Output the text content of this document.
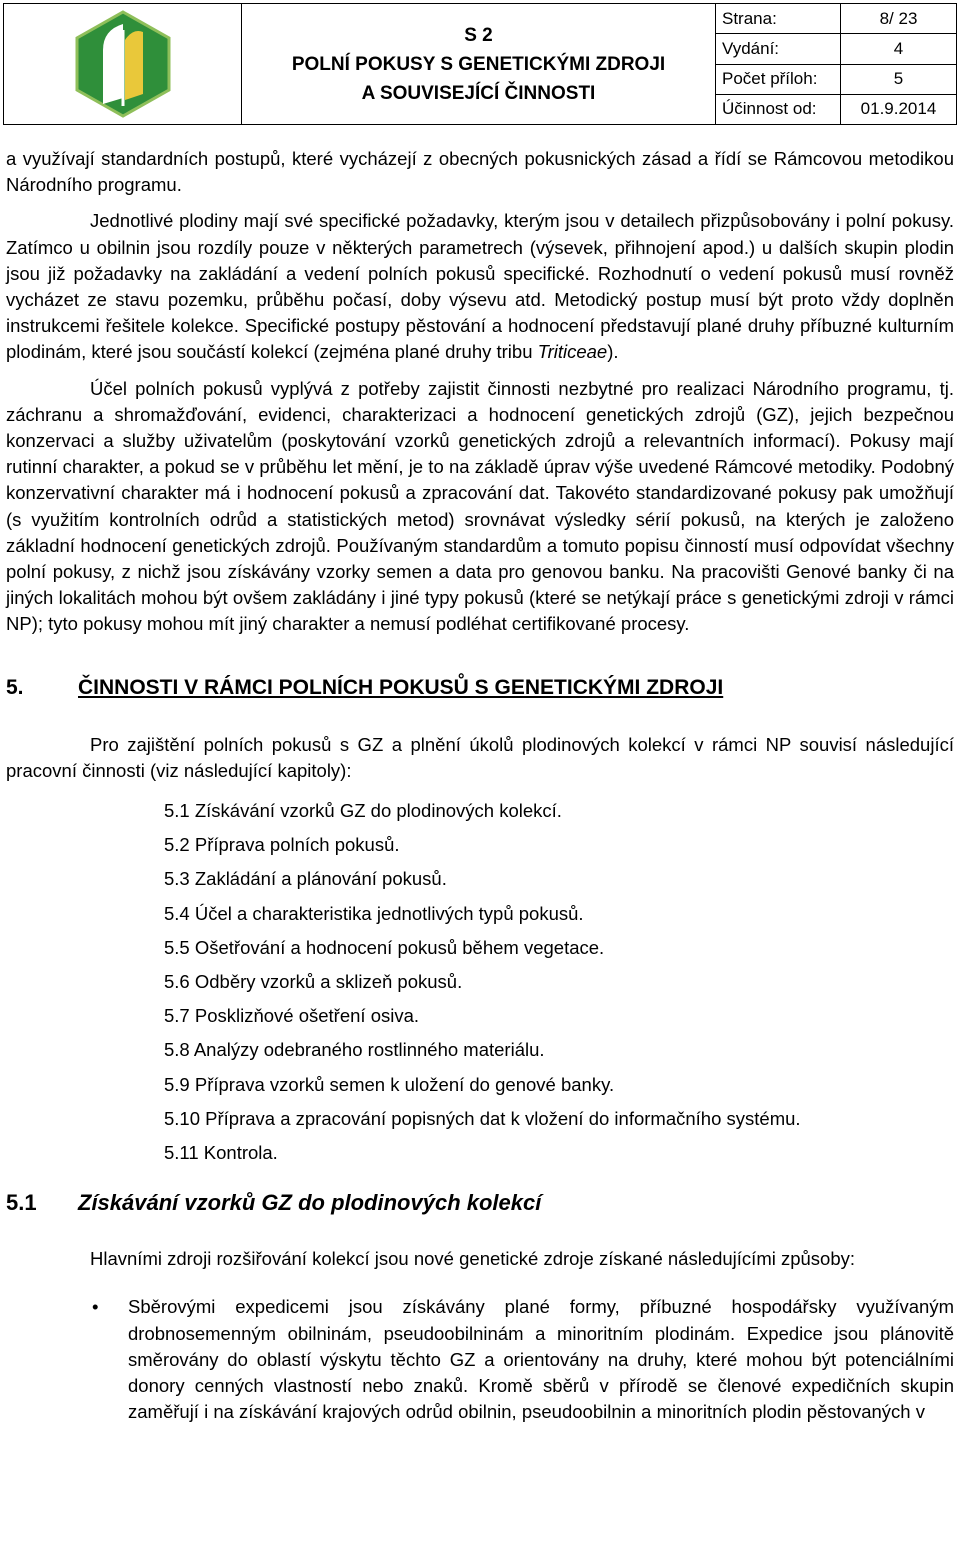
S 2
POLNÍ POKUSY S GENETICKÝMI ZDROJI
A SOUVISEJÍCÍ ČINNOSTI
Strana:	8/ 23
Vydání:	4
Počet příloh:	5
Účinnost od:	01.9.2014

a využívají standardních postupů, které vycházejí z obecných pokusnických zásad a řídí se Rámcovou metodikou Národního programu.

Jednotlivé plodiny mají své specifické požadavky, kterým jsou v detailech přizpůsobovány i polní pokusy. Zatímco u obilnin jsou rozdíly pouze v některých parametrech (výsevek, přihnojení apod.) u dalších skupin plodin jsou již požadavky na zakládání a vedení polních pokusů specifické. Rozhodnutí o vedení pokusů musí rovněž vycházet ze stavu pozemku, průběhu počasí, doby výsevu atd. Metodický postup musí být proto vždy doplněn instrukcemi řešitele kolekce. Specifické postupy pěstování a hodnocení představují plané druhy příbuzné kulturním plodinám, které jsou součástí kolekcí (zejména plané druhy tribu Triticeae).

Účel polních pokusů vyplývá z potřeby zajistit činnosti nezbytné pro realizaci Národního programu, tj. záchranu a shromažďování, evidenci, charakterizaci a hodnocení genetických zdrojů (GZ), jejich bezpečnou konzervaci a služby uživatelům (poskytování vzorků genetických zdrojů a relevantních informací). Pokusy mají rutinní charakter, a pokud se v průběhu let mění, je to na základě úprav výše uvedené Rámcové metodiky. Podobný konzervativní charakter má i hodnocení pokusů a zpracování dat. Takovéto standardizované pokusy pak umožňují (s využitím kontrolních odrůd a statistických metod) srovnávat výsledky sérií pokusů, na kterých je založeno základní hodnocení genetických zdrojů. Používaným standardům a tomuto popisu činností musí odpovídat všechny polní pokusy, z nichž jsou získávány vzorky semen a data pro genovou banku. Na pracovišti Genové banky či na jiných lokalitách mohou být ovšem zakládány i jiné typy pokusů (které se netýkají práce s genetickými zdroji v rámci NP); tyto pokusy mohou mít jiný charakter a nemusí podléhat certifikované procesy.

5.	ČINNOSTI V RÁMCI POLNÍCH POKUSŮ S GENETICKÝMI ZDROJI

Pro zajištění polních pokusů s GZ a plnění úkolů plodinových kolekcí v rámci NP souvisí následující pracovní činnosti (viz následující kapitoly):

5.1 Získávání vzorků GZ do plodinových kolekcí.
5.2 Příprava polních pokusů.
5.3 Zakládání a plánování pokusů.
5.4 Účel a charakteristika jednotlivých typů pokusů.
5.5 Ošetřování a hodnocení pokusů během vegetace.
5.6 Odběry vzorků a sklizeň pokusů.
5.7 Posklizňové ošetření osiva.
5.8 Analýzy odebraného rostlinného materiálu.
5.9 Příprava vzorků semen k uložení do genové banky.
5.10 Příprava a zpracování popisných dat k vložení do informačního systému.
5.11 Kontrola.
5.1	Získávání vzorků GZ do plodinových kolekcí

Hlavními zdroji rozšiřování kolekcí jsou nové genetické zdroje získané následujícími způsoby:

•	Sběrovými expedicemi jsou získávány plané formy, příbuzné hospodářsky využívaným drobnosemenným obilninám, pseudoobilninám a minoritním plodinám. Expedice jsou plánovitě směrovány do oblastí výskytu těchto GZ a orientovány na druhy, které mohou být potenciálními donory cenných vlastností nebo znaků. Kromě sběrů v přírodě se členové expedičních skupin zaměřují i na získávání krajových odrůd obilnin, pseudoobilnin a minoritních plodin pěstovaných v
